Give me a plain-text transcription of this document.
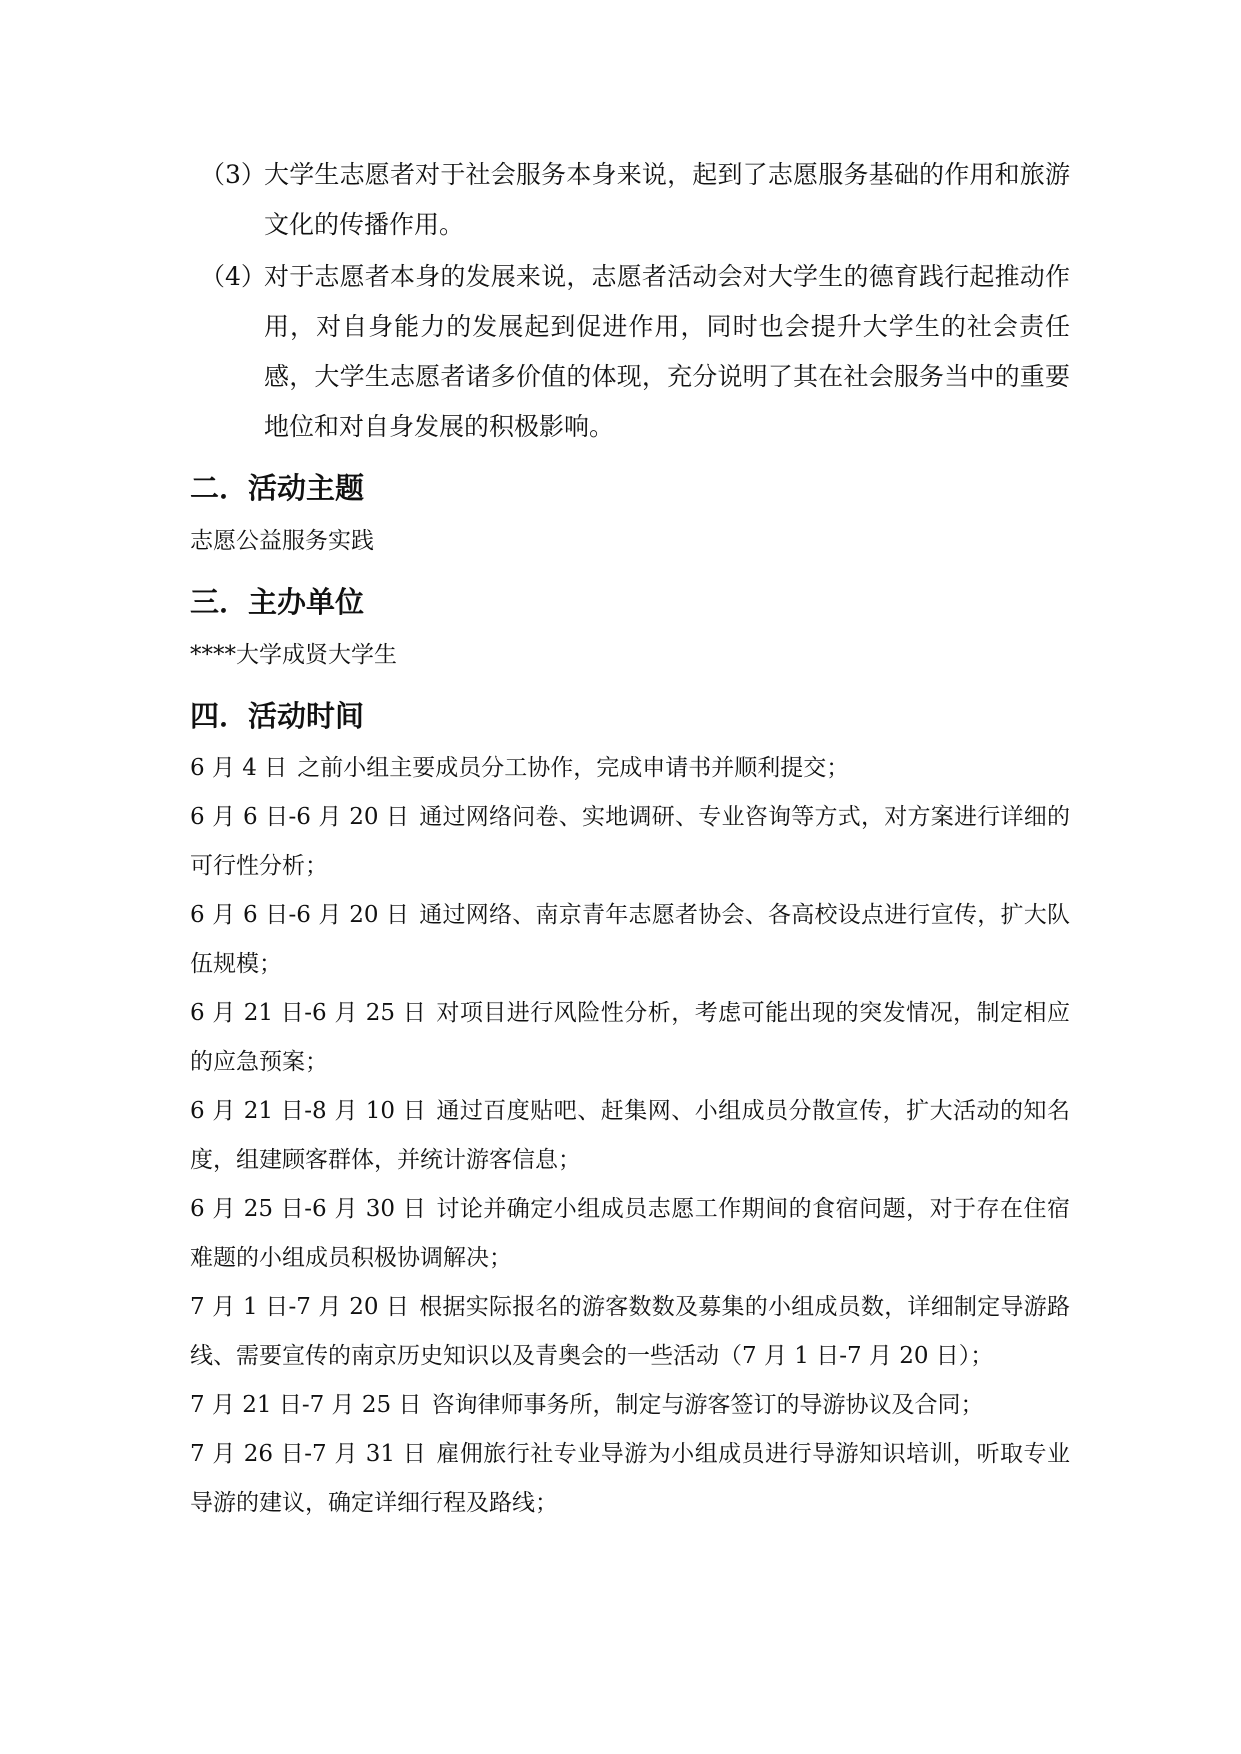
（3）
大学生志愿者对于社会服务本身来说，起到了志愿服务基础的作用和旅游文化的传播作用。
（4）
对于志愿者本身的发展来说，志愿者活动会对大学生的德育践行起推动作用，对自身能力的发展起到促进作用，同时也会提升大学生的社会责任感，大学生志愿者诸多价值的体现，充分说明了其在社会服务当中的重要地位和对自身发展的积极影响。
二．活动主题

志愿公益服务实践

三．主办单位

****大学成贤大学生

四．活动时间

6 月 4 日 之前小组主要成员分工协作，完成申请书并顺利提交；

6 月 6 日-6 月 20 日 通过网络问卷、实地调研、专业咨询等方式，对方案进行详细的可行性分析；

6 月 6 日-6 月 20 日 通过网络、南京青年志愿者协会、各高校设点进行宣传，扩大队伍规模；

6 月 21 日-6 月 25 日 对项目进行风险性分析，考虑可能出现的突发情况，制定相应的应急预案；

6 月 21 日-8 月 10 日 通过百度贴吧、赶集网、小组成员分散宣传，扩大活动的知名度，组建顾客群体，并统计游客信息；

6 月 25 日-6 月 30 日 讨论并确定小组成员志愿工作期间的食宿问题，对于存在住宿难题的小组成员积极协调解决；

7 月 1 日-7 月 20 日 根据实际报名的游客数数及募集的小组成员数，详细制定导游路线、需要宣传的南京历史知识以及青奥会的一些活动（7 月 1 日-7 月 20 日）；

7 月 21 日-7 月 25 日 咨询律师事务所，制定与游客签订的导游协议及合同；

7 月 26 日-7 月 31 日 雇佣旅行社专业导游为小组成员进行导游知识培训，听取专业导游的建议，确定详细行程及路线；
